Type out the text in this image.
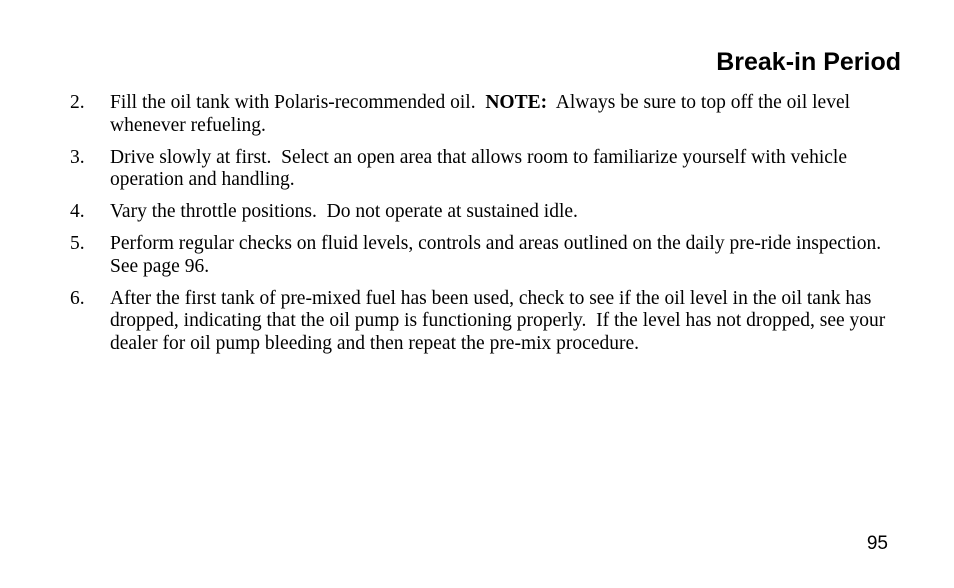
Break-in Period
2.	Fill the oil tank with Polaris-recommended oil.  NOTE:  Always be sure to top off the oil level whenever refueling.
3.	Drive slowly at first.  Select an open area that allows room to familiarize yourself with vehicle operation and handling.
4.	Vary the throttle positions.  Do not operate at sustained idle.
5.	Perform regular checks on fluid levels, controls and areas outlined on the daily pre-ride inspection.  See page 96.
6.	After the first tank of pre-mixed fuel has been used, check to see if the oil level in the oil tank has dropped, indicating that the oil pump is functioning properly.  If the level has not dropped, see your dealer for oil pump bleeding and then repeat the pre-mix procedure.
95
